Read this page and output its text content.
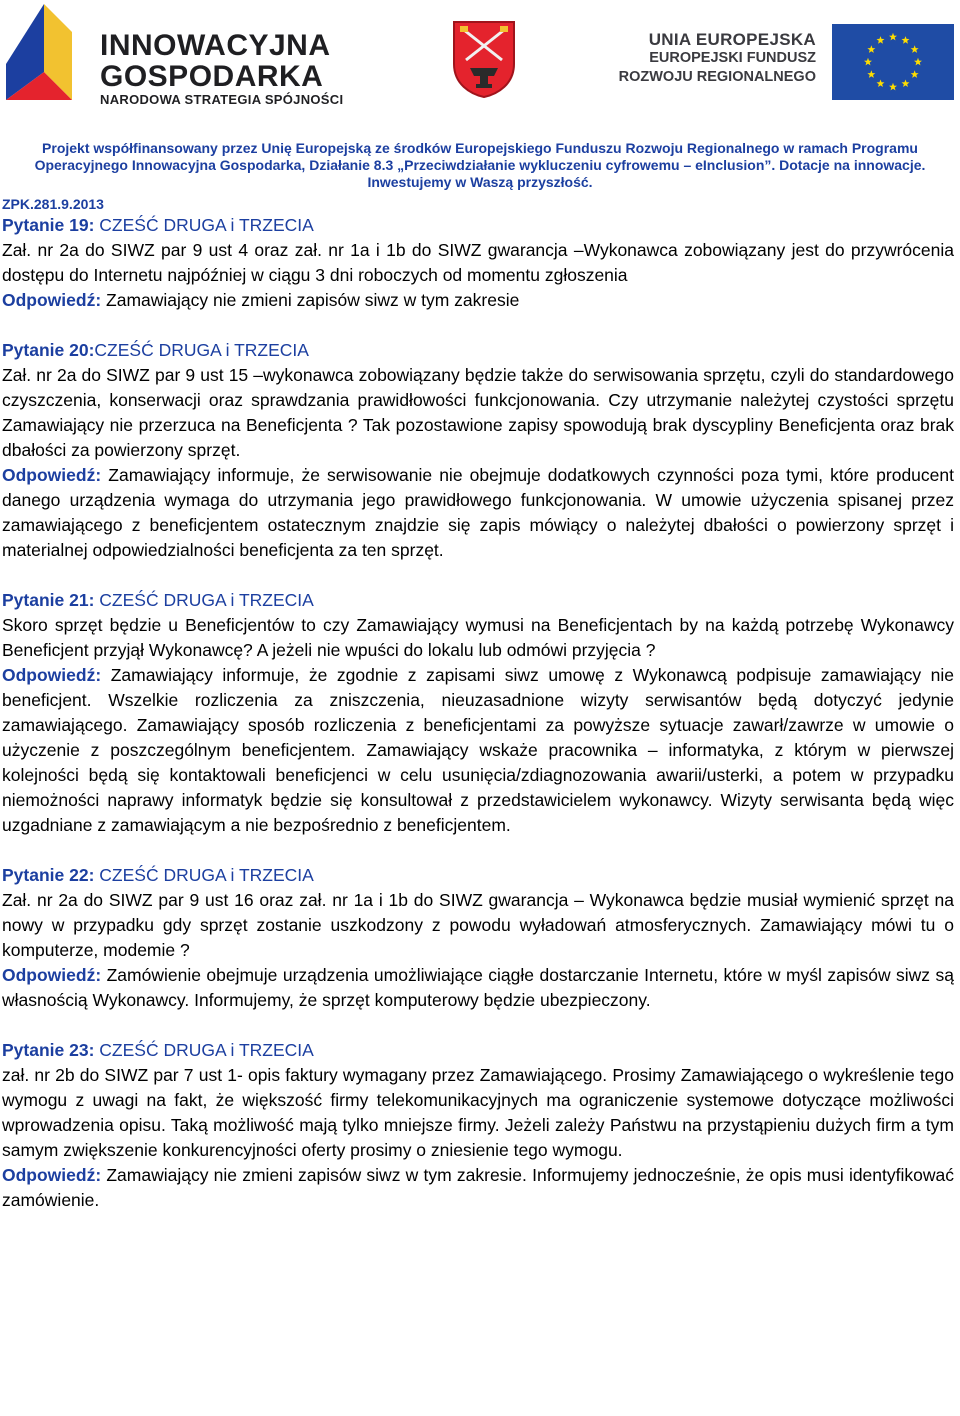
INNOWACYJNA
GOSPODARKA
NARODOWA STRATEGIA SPÓJNOŚCI
UNIA EUROPEJSKA
EUROPEJSKI FUNDUSZ
ROZWOJU REGIONALNEGO
Projekt współfinansowany przez Unię Europejską ze środków Europejskiego Funduszu Rozwoju Regionalnego w ramach Programu
Operacyjnego Innowacyjna Gospodarka, Działanie 8.3 „Przeciwdziałanie wykluczeniu cyfrowemu – eInclusion”. Dotacje na innowacje.
Inwestujemy w Waszą przyszłość.
ZPK.281.9.2013

Pytanie 19: CZEŚĆ DRUGA i TRZECIA

Zał. nr 2a do SIWZ par 9 ust 4 oraz zał. nr 1a i 1b do SIWZ gwarancja –Wykonawca zobowiązany jest do przywrócenia dostępu do Internetu najpóźniej w ciągu 3 dni roboczych od momentu zgłoszenia

Odpowiedź: Zamawiający nie zmieni zapisów siwz w tym zakresie

Pytanie 20:CZEŚĆ DRUGA i TRZECIA

Zał. nr 2a do SIWZ par 9 ust 15 –wykonawca zobowiązany będzie także do serwisowania sprzętu, czyli do standardowego czyszczenia, konserwacji oraz sprawdzania prawidłowości funkcjonowania. Czy utrzymanie należytej czystości sprzętu Zamawiający nie przerzuca na Beneficjenta ? Tak pozostawione zapisy spowodują brak dyscypliny Beneficjenta oraz brak dbałości za powierzony sprzęt.

Odpowiedź: Zamawiający informuje, że serwisowanie nie obejmuje dodatkowych czynności poza tymi, które producent danego urządzenia wymaga do utrzymania jego prawidłowego funkcjonowania. W umowie użyczenia spisanej przez zamawiającego z beneficjentem ostatecznym znajdzie się zapis mówiący o należytej dbałości o powierzony sprzęt i materialnej odpowiedzialności beneficjenta za ten sprzęt.

Pytanie 21: CZEŚĆ DRUGA i TRZECIA

Skoro sprzęt będzie u Beneficjentów to czy Zamawiający wymusi na Beneficjentach by na każdą potrzebę Wykonawcy Beneficjent przyjął Wykonawcę? A jeżeli nie wpuści do lokalu lub odmówi przyjęcia ?

Odpowiedź: Zamawiający informuje, że zgodnie z zapisami siwz umowę z Wykonawcą podpisuje zamawiający nie beneficjent. Wszelkie rozliczenia za zniszczenia, nieuzasadnione wizyty serwisantów będą dotyczyć jedynie zamawiającego. Zamawiający sposób rozliczenia z beneficjentami za powyższe sytuacje zawarł/zawrze w umowie o użyczenie z poszczególnym beneficjentem. Zamawiający wskaże pracownika – informatyka, z którym w pierwszej kolejności będą się kontaktowali beneficjenci w celu usunięcia/zdiagnozowania awarii/usterki, a potem w przypadku niemożności naprawy informatyk będzie się konsultował z przedstawicielem wykonawcy. Wizyty serwisanta będą więc uzgadniane z zamawiającym a nie bezpośrednio z beneficjentem.

Pytanie 22: CZEŚĆ DRUGA i TRZECIA

Zał. nr 2a do SIWZ par 9 ust 16 oraz zał. nr 1a i 1b do SIWZ gwarancja – Wykonawca będzie musiał wymienić sprzęt na nowy w przypadku gdy sprzęt zostanie uszkodzony z powodu wyładowań atmosferycznych. Zamawiający mówi tu o komputerze, modemie ?

Odpowiedź: Zamówienie obejmuje urządzenia umożliwiające ciągłe dostarczanie Internetu, które w myśl zapisów siwz są własnością Wykonawcy. Informujemy, że sprzęt komputerowy będzie ubezpieczony.

Pytanie 23: CZEŚĆ DRUGA i TRZECIA

zał. nr 2b do SIWZ par 7 ust 1- opis faktury wymagany przez Zamawiającego. Prosimy Zamawiającego o wykreślenie tego wymogu z uwagi na fakt, że większość firmy telekomunikacyjnych ma ograniczenie systemowe dotyczące możliwości wprowadzenia opisu. Taką możliwość mają tylko mniejsze firmy. Jeżeli zależy Państwu na przystąpieniu dużych firm a tym samym zwiększenie konkurencyjności oferty prosimy o zniesienie tego wymogu.

Odpowiedź: Zamawiający nie zmieni zapisów siwz w tym zakresie. Informujemy jednocześnie, że opis musi identyfikować zamówienie.
